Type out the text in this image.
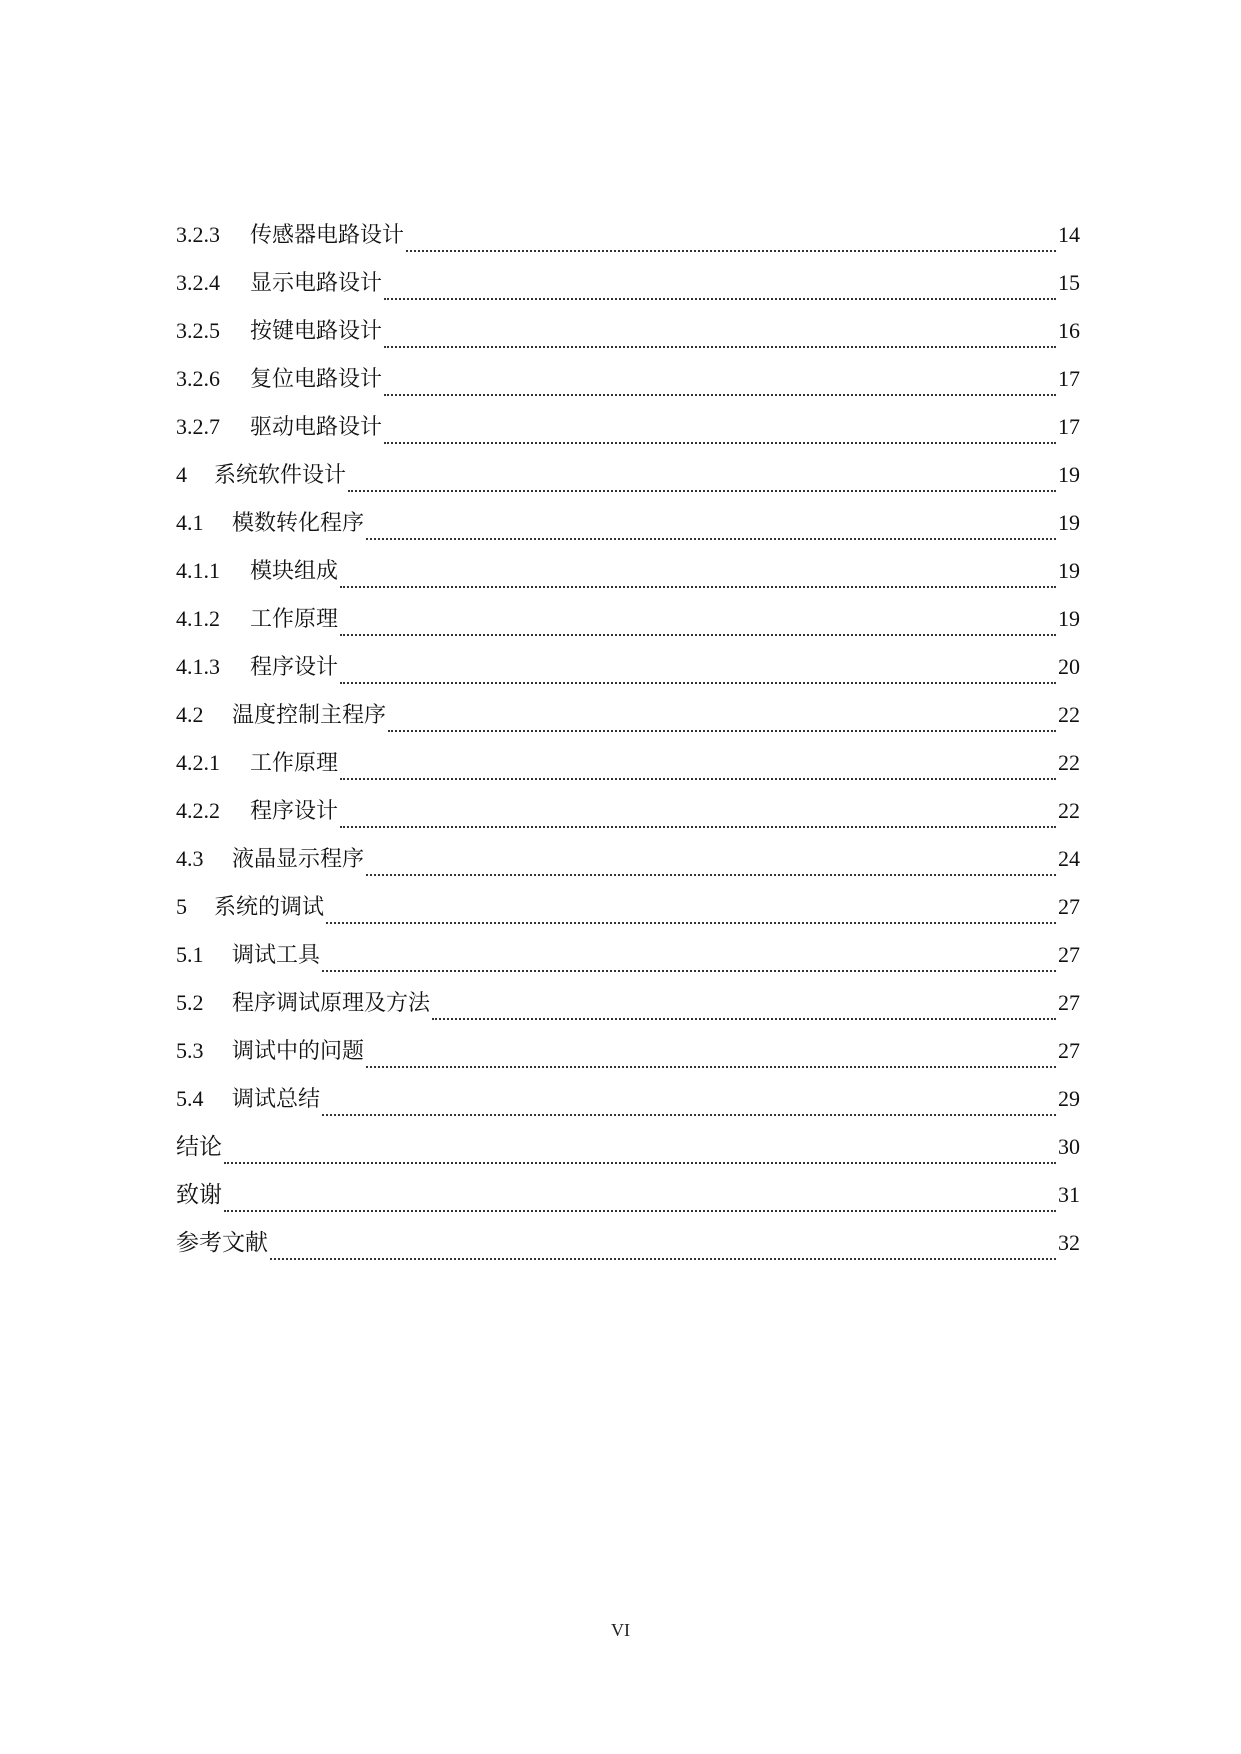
3.2.3	传感器电路设计	14
3.2.4	显示电路设计	15
3.2.5	按键电路设计	16
3.2.6	复位电路设计	17
3.2.7	驱动电路设计	17
4	系统软件设计	19
4.1	模数转化程序	19
4.1.1	模块组成	19
4.1.2	工作原理	19
4.1.3	程序设计	20
4.2	温度控制主程序	22
4.2.1	工作原理	22
4.2.2	程序设计	22
4.3	液晶显示程序	24
5	系统的调试	27
5.1	调试工具	27
5.2	程序调试原理及方法	27
5.3	调试中的问题	27
5.4	调试总结	29
结论	30
致谢	31
参考文献	32
VI
